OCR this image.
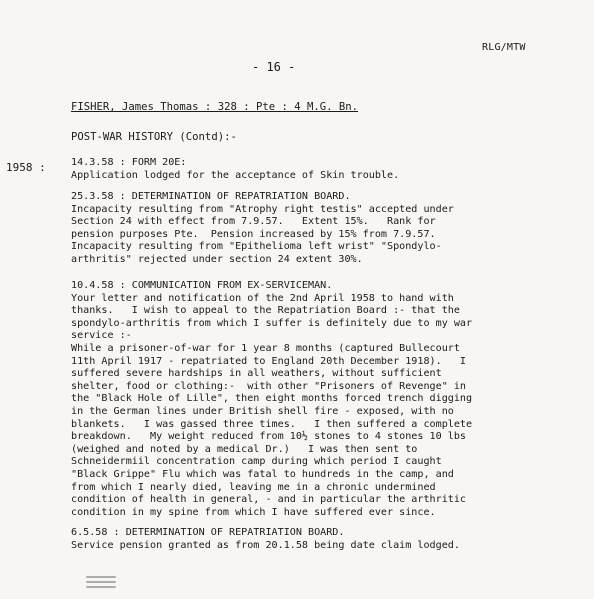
RLG/MTW
- 16 -
FISHER, James Thomas : 328 : Pte : 4 M.G. Bn.
POST-WAR HISTORY (Contd):-
1958 :	14.3.58 : FORM 20E:
Application lodged for the acceptance of Skin trouble.
25.3.58 : DETERMINATION OF REPATRIATION BOARD.
Incapacity resulting from "Atrophy right testis" accepted under
Section 24 with effect from 7.9.57.   Extent 15%.   Rank for
pension purposes Pte.  Pension increased by 15% from 7.9.57.
Incapacity resulting from "Epithelioma left wrist" "Spondylo-
arthritis" rejected under section 24 extent 30%.
10.4.58 : COMMUNICATION FROM EX-SERVICEMAN.
Your letter and notification of the 2nd April 1958 to hand with
thanks.   I wish to appeal to the Repatriation Board :- that the
spondylo-arthritis from which I suffer is definitely due to my war
service :-
While a prisoner-of-war for 1 year 8 months (captured Bullecourt
11th April 1917 - repatriated to England 20th December 1918).   I
suffered severe hardships in all weathers, without sufficient
shelter, food or clothing:-  with other "Prisoners of Revenge" in
the "Black Hole of Lille", then eight months forced trench digging
in the German lines under British shell fire - exposed, with no
blankets.   I was gassed three times.   I then suffered a complete
breakdown.   My weight reduced from 10½ stones to 4 stones 10 lbs
(weighed and noted by a medical Dr.)   I was then sent to
Schneidermiil concentration camp during which period I caught
"Black Grippe" Flu which was fatal to hundreds in the camp, and
from which I nearly died, leaving me in a chronic undermined
condition of health in general, - and in particular the arthritic
condition in my spine from which I have suffered ever since.
6.5.58 : DETERMINATION OF REPATRIATION BOARD.
Service pension granted as from 20.1.58 being date claim lodged.
